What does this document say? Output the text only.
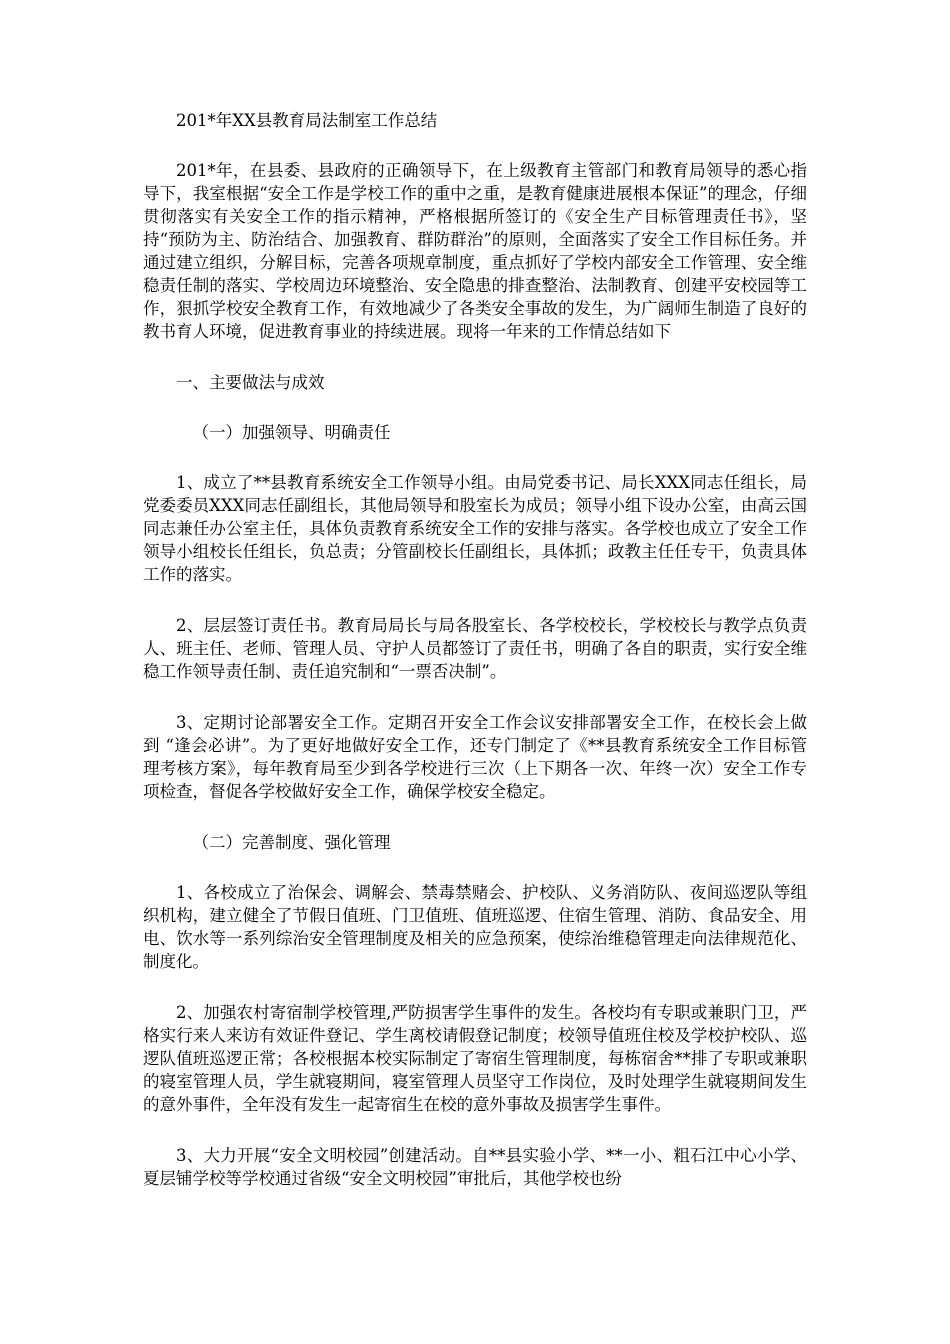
201*年XX县教育局法制室工作总结

201*年，在县委、县政府的正确领导下，在上级教育主管部门和教育局领导的悉心指导下，我室根据“安全工作是学校工作的重中之重，是教育健康进展根本保证”的理念，仔细贯彻落实有关安全工作的指示精神，严格根据所签订的《安全生产目标管理责任书》，坚持“预防为主、防治结合、加强教育、群防群治”的原则，全面落实了安全工作目标任务。并通过建立组织，分解目标，完善各项规章制度，重点抓好了学校内部安全工作管理、安全维稳责任制的落实、学校周边环境整治、安全隐患的排查整治、法制教育、创建平安校园等工作，狠抓学校安全教育工作，有效地减少了各类安全事故的发生，为广阔师生制造了良好的教书育人环境，促进教育事业的持续进展。现将一年来的工作情总结如下

一、主要做法与成效

（一）加强领导、明确责任

1、成立了**县教育系统安全工作领导小组。由局党委书记、局长XXX同志任组长，局党委委员XXX同志任副组长，其他局领导和股室长为成员；领导小组下设办公室，由高云国同志兼任办公室主任，具体负责教育系统安全工作的安排与落实。各学校也成立了安全工作领导小组校长任组长，负总责；分管副校长任副组长，具体抓；政教主任任专干，负责具体工作的落实。

2、层层签订责任书。教育局局长与局各股室长、各学校校长，学校校长与教学点负责人、班主任、老师、管理人员、守护人员都签订了责任书，明确了各自的职责，实行安全维稳工作领导责任制、责任追究制和“一票否决制”。

3、定期讨论部署安全工作。定期召开安全工作会议安排部署安全工作，在校长会上做到 “逢会必讲”。为了更好地做好安全工作，还专门制定了《**县教育系统安全工作目标管理考核方案》，每年教育局至少到各学校进行三次（上下期各一次、年终一次）安全工作专项检查，督促各学校做好安全工作，确保学校安全稳定。

（二）完善制度、强化管理

1、各校成立了治保会、调解会、禁毒禁赌会、护校队、义务消防队、夜间巡逻队等组织机构，建立健全了节假日值班、门卫值班、值班巡逻、住宿生管理、消防、食品安全、用电、饮水等一系列综治安全管理制度及相关的应急预案，使综治维稳管理走向法律规范化、制度化。

2、加强农村寄宿制学校管理,严防损害学生事件的发生。各校均有专职或兼职门卫，严格实行来人来访有效证件登记、学生离校请假登记制度；校领导值班住校及学校护校队、巡逻队值班巡逻正常；各校根据本校实际制定了寄宿生管理制度，每栋宿舍**排了专职或兼职的寝室管理人员，学生就寝期间，寝室管理人员坚守工作岗位，及时处理学生就寝期间发生的意外事件，全年没有发生一起寄宿生在校的意外事故及损害学生事件。

3、大力开展“安全文明校园”创建活动。自**县实验小学、**一小、粗石江中心小学、夏层铺学校等学校通过省级“安全文明校园”审批后，其他学校也纷
